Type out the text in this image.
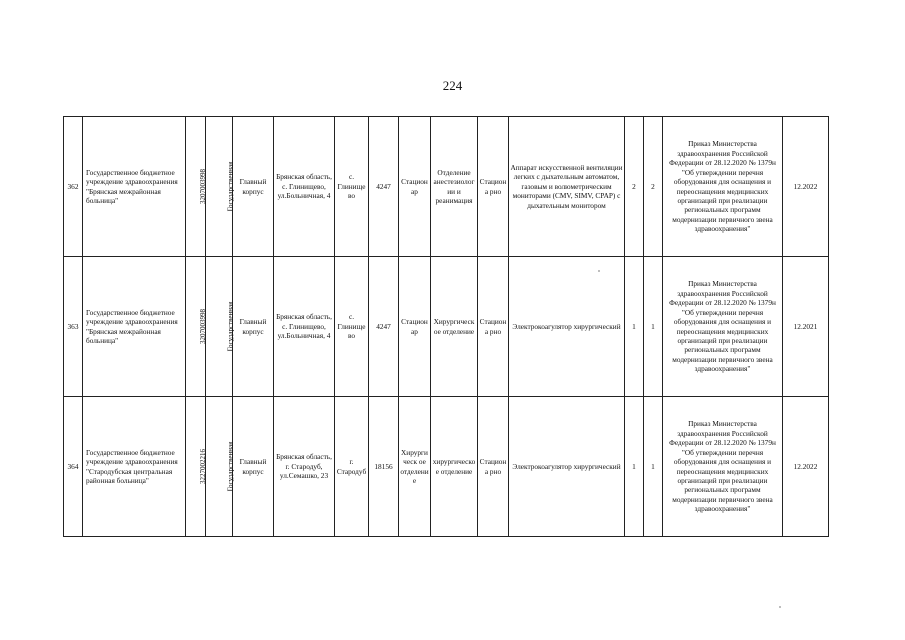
224
362	Государственное бюджетное учреждение здравоохранения "Брянская межрайонная больница"	3207003998	Государственная	Главный корпус	Брянская область, с. Глинищево, ул.Больничная, 4	с. Глинище во	4247	Стационар	Отделение анестезиолог ии и реанимация	Стациона рно	Аппарат искусственной вентиляции легких с дыхательным автоматом, газовым и волюметрическим мониторами (CMV, SIMV, CPAP) с дыхательным монитором	2	2	Приказ Министерства здравоохранения Российской Федерации от 28.12.2020 № 1379н "Об утверждении перечня оборудования для оснащения и переоснащения медицинских организаций при реализации региональных программ модернизации первичного звена здравоохранения"	12.2022
363	Государственное бюджетное учреждение здравоохранения "Брянская межрайонная больница"	3207003998	Государственная	Главный корпус	Брянская область, с. Глинищево, ул.Больничная, 4	с. Глинище во	4247	Стационар	Хирургическ ое отделение	Стациона рно	Электрокоагулятор хирургический	1	1	Приказ Министерства здравоохранения Российской Федерации от 28.12.2020 № 1379н "Об утверждении перечня оборудования для оснащения и переоснащения медицинских организаций при реализации региональных программ модернизации первичного звена здравоохранения"	12.2021
364	Государственное бюджетное учреждение здравоохранения "Стародубская центральная районная больница"	3227002216	Государственная	Главный корпус	Брянская область, г. Стародуб, ул.Семашко, 23	г. Стародуб	18156	Хирургическ ое отделение	хирургическо е отделение	Стациона рно	Электрокоагулятор хирургический	1	1	Приказ Министерства здравоохранения Российской Федерации от 28.12.2020 № 1379н "Об утверждении перечня оборудования для оснащения и переоснащения медицинских организаций при реализации региональных программ модернизации первичного звена здравоохранения"	12.2022
